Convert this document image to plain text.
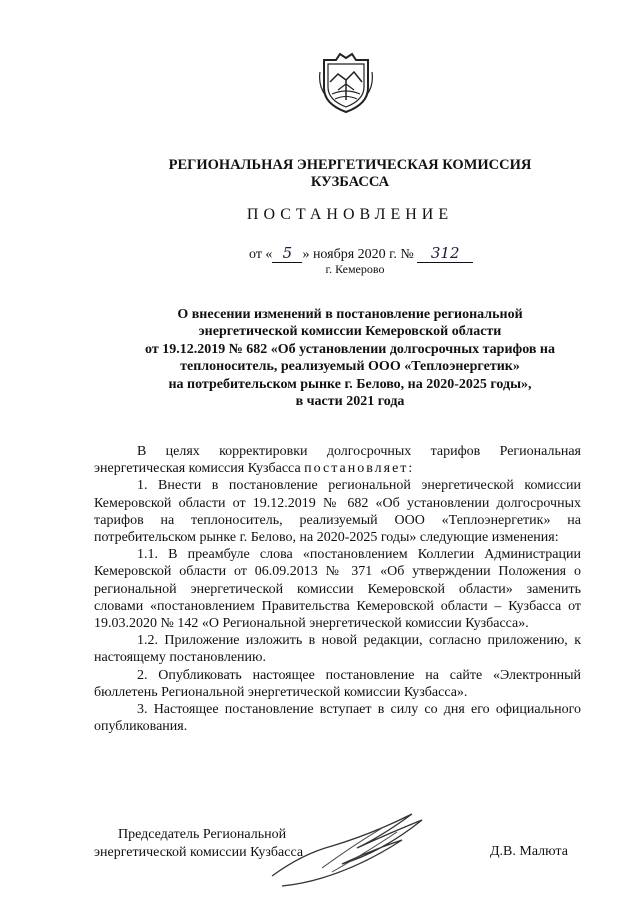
РЕГИОНАЛЬНАЯ ЭНЕРГЕТИЧЕСКАЯ КОМИССИЯ
КУЗБАССА
ПОСТАНОВЛЕНИЕ
от « 5 » ноября 2020 г. № 312
г. Кемерово
О внесении изменений в постановление региональной
энергетической комиссии Кемеровской области
от 19.12.2019 № 682 «Об установлении долгосрочных тарифов на
теплоноситель, реализуемый ООО «Теплоэнергетик»
на потребительском рынке г. Белово, на 2020-2025 годы»,
в части 2021 года

В целях корректировки долгосрочных тарифов Региональная энергетическая комиссия Кузбасса постановляет:

1. Внести в постановление региональной энергетической комиссии Кемеровской области от 19.12.2019 № 682 «Об установлении долгосрочных тарифов на теплоноситель, реализуемый ООО «Теплоэнергетик» на потребительском рынке г. Белово, на 2020-2025 годы» следующие изменения:

1.1. В преамбуле слова «постановлением Коллегии Администрации Кемеровской области от 06.09.2013 № 371 «Об утверждении Положения о региональной энергетической комиссии Кемеровской области» заменить словами «постановлением Правительства Кемеровской области – Кузбасса от 19.03.2020 № 142 «О Региональной энергетической комиссии Кузбасса».

1.2. Приложение изложить в новой редакции, согласно приложению, к настоящему постановлению.

2. Опубликовать настоящее постановление на сайте «Электронный бюллетень Региональной энергетической комиссии Кузбасса».

3. Настоящее постановление вступает в силу со дня его официального опубликования.

Председатель Региональной
энергетической комиссии Кузбасса	Д.В. Малюта
